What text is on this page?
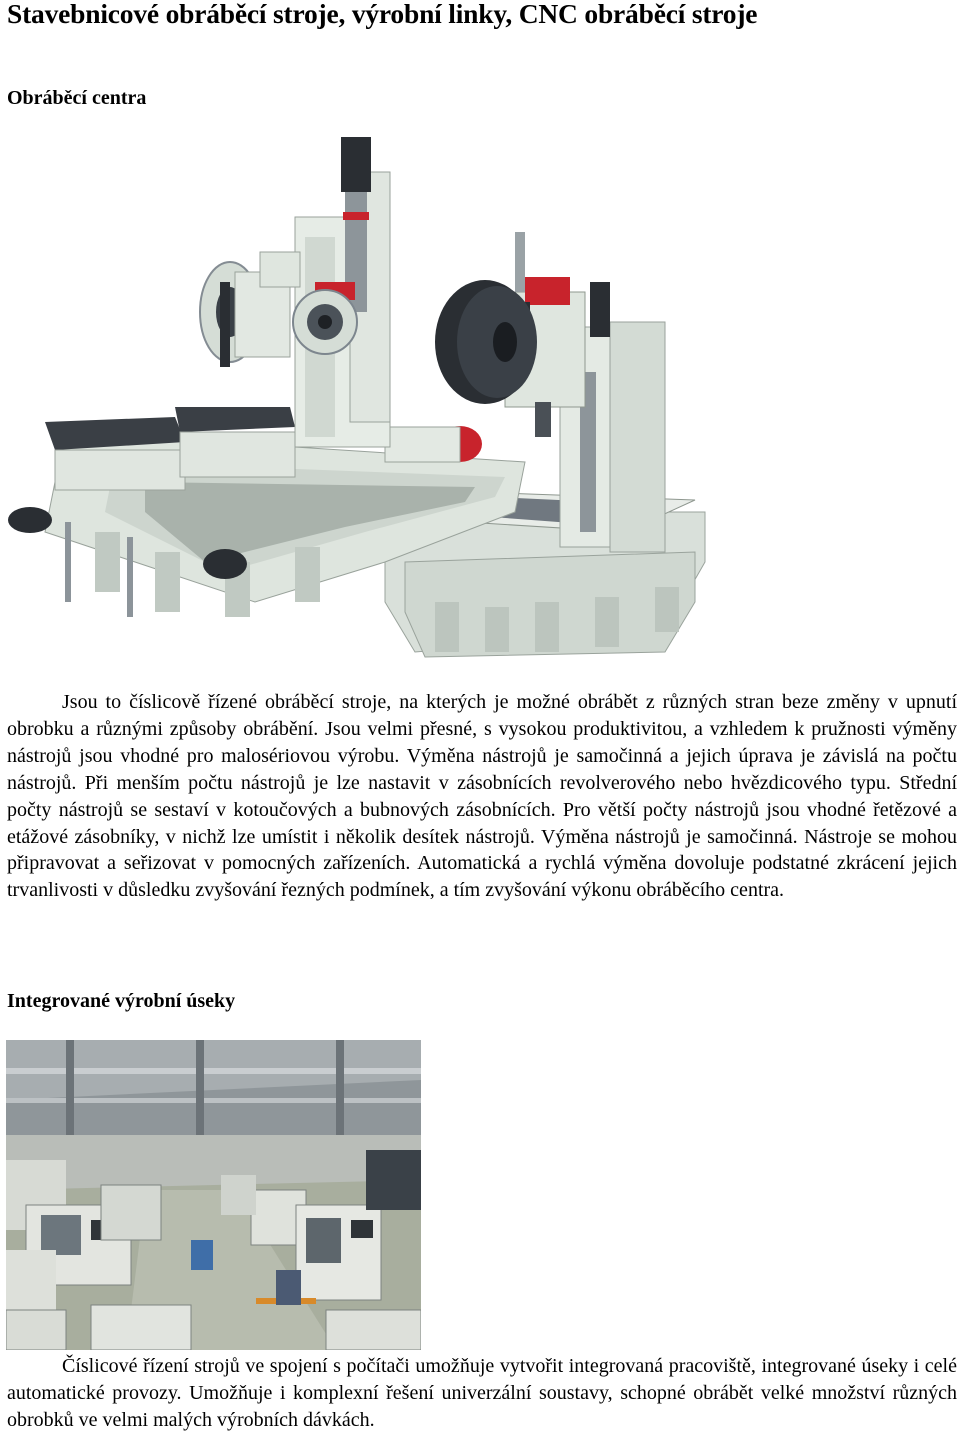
Stavebnicové obráběcí stroje, výrobní linky, CNC obráběcí stroje
Obráběcí centra

Jsou to číslicově řízené obráběcí stroje, na kterých je možné obrábět z různých stran beze změny v upnutí obrobku a různými způsoby obrábění. Jsou velmi přesné, s vysokou produktivitou, a vzhledem k pružnosti výměny nástrojů jsou vhodné pro malosériovou výrobu. Výměna nástrojů je samočinná a jejich úprava je závislá na počtu nástrojů. Při menším počtu nástrojů je lze nastavit v zásobnících revolverového nebo hvězdicového typu. Střední počty nástrojů se sestaví v kotoučových a bubnových zásobnících. Pro větší počty nástrojů jsou vhodné řetězové a etážové zásobníky, v nichž lze umístit i několik desítek nástrojů. Výměna nástrojů je samočinná. Nástroje se mohou připravovat a seřizovat v pomocných zařízeních. Automatická a rychlá výměna dovoluje podstatné zkrácení jejich trvanlivosti v důsledku zvyšování řezných podmínek, a tím zvyšování výkonu obráběcího centra.

Integrované výrobní úseky

Číslicové řízení strojů ve spojení s počítači umožňuje vytvořit integrovaná pracoviště, integrované úseky i celé automatické provozy. Umožňuje i komplexní řešení univerzální soustavy, schopné obrábět velké množství různých obrobků ve velmi malých výrobních dávkách.
